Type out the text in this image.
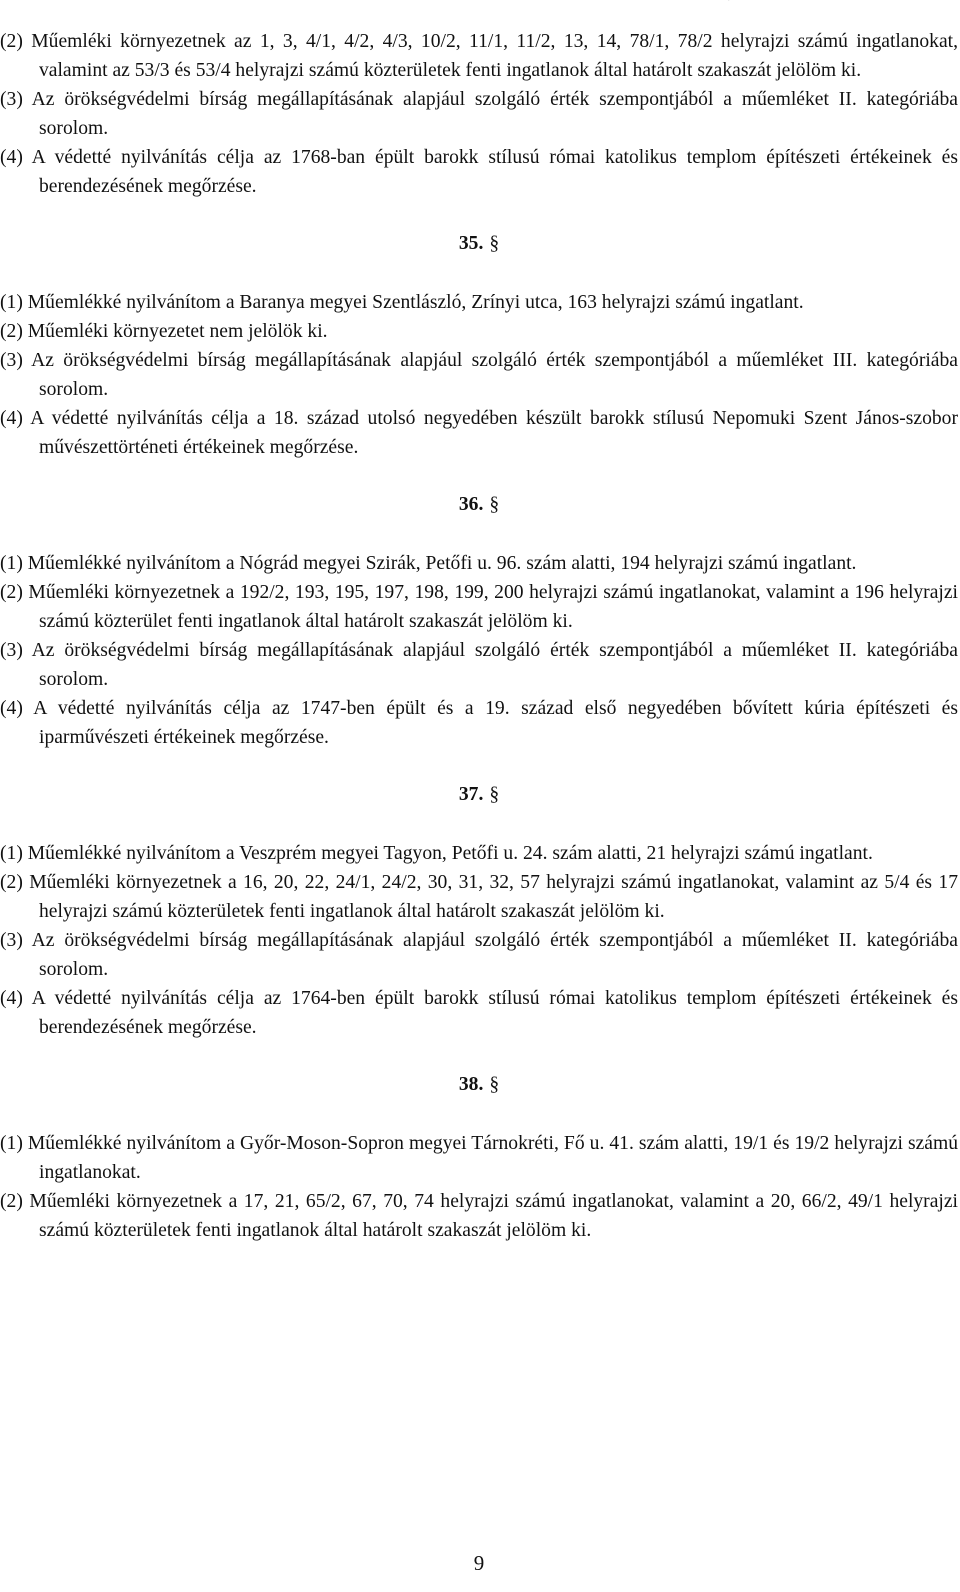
(2) Műemléki környezetnek az 1, 3, 4/1, 4/2, 4/3, 10/2, 11/1, 11/2, 13, 14, 78/1, 78/2 helyrajzi számú ingatlanokat, valamint az 53/3 és 53/4 helyrajzi számú közterületek fenti ingatlanok által határolt szakaszát jelölöm ki.

(3) Az örökségvédelmi bírság megállapításának alapjául szolgáló érték szempontjából a műemléket II. kategóriába sorolom.

(4) A védetté nyilvánítás célja az 1768-ban épült barokk stílusú római katolikus templom építészeti értékeinek és berendezésének megőrzése.

35. §

(1) Műemlékké nyilvánítom a Baranya megyei Szentlászló, Zrínyi utca, 163 helyrajzi számú ingatlant.

(2) Műemléki környezetet nem jelölök ki.

(3) Az örökségvédelmi bírság megállapításának alapjául szolgáló érték szempontjából a műemléket III. kategóriába sorolom.

(4) A védetté nyilvánítás célja a 18. század utolsó negyedében készült barokk stílusú Nepomuki Szent János-szobor művészettörténeti értékeinek megőrzése.

36. §

(1) Műemlékké nyilvánítom a Nógrád megyei Szirák, Petőfi u. 96. szám alatti, 194 helyrajzi számú ingatlant.

(2) Műemléki környezetnek a 192/2, 193, 195, 197, 198, 199, 200 helyrajzi számú ingatlanokat, valamint a 196 helyrajzi számú közterület fenti ingatlanok által határolt szakaszát jelölöm ki.

(3) Az örökségvédelmi bírság megállapításának alapjául szolgáló érték szempontjából a műemléket II. kategóriába sorolom.

(4) A védetté nyilvánítás célja az 1747-ben épült és a 19. század első negyedében bővített kúria építészeti és iparművészeti értékeinek megőrzése.

37. §

(1) Műemlékké nyilvánítom a Veszprém megyei Tagyon, Petőfi u. 24. szám alatti, 21 helyrajzi számú ingatlant.

(2) Műemléki környezetnek a 16, 20, 22, 24/1, 24/2, 30, 31, 32, 57 helyrajzi számú ingatlanokat, valamint az 5/4 és 17 helyrajzi számú közterületek fenti ingatlanok által határolt szakaszát jelölöm ki.

(3) Az örökségvédelmi bírság megállapításának alapjául szolgáló érték szempontjából a műemléket II. kategóriába sorolom.

(4) A védetté nyilvánítás célja az 1764-ben épült barokk stílusú római katolikus templom építészeti értékeinek és berendezésének megőrzése.

38. §

(1) Műemlékké nyilvánítom a Győr-Moson-Sopron megyei Tárnokréti, Fő u. 41. szám alatti, 19/1 és 19/2 helyrajzi számú ingatlanokat.

(2) Műemléki környezetnek a 17, 21, 65/2, 67, 70, 74 helyrajzi számú ingatlanokat, valamint a 20, 66/2, 49/1 helyrajzi számú közterületek fenti ingatlanok által határolt szakaszát jelölöm ki.

9
